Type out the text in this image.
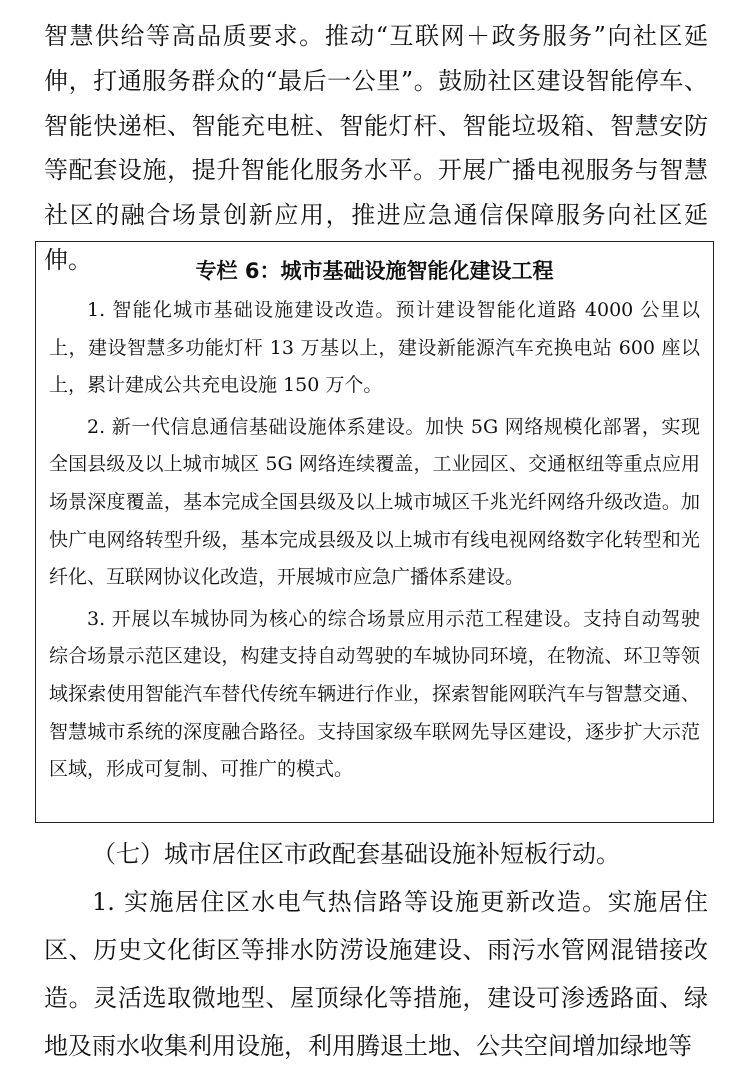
智慧供给等高品质要求。推动“互联网＋政务服务”向社区延伸，打通服务群众的“最后一公里”。鼓励社区建设智能停车、智能快递柜、智能充电桩、智能灯杆、智能垃圾箱、智慧安防等配套设施，提升智能化服务水平。开展广播电视服务与智慧社区的融合场景创新应用，推进应急通信保障服务向社区延伸。	专栏 6：城市基础设施智能化建设工程

1. 智能化城市基础设施建设改造。预计建设智能化道路 4000 公里以上，建设智慧多功能灯杆 13 万基以上，建设新能源汽车充换电站 600 座以上，累计建成公共充电设施 150 万个。

2. 新一代信息通信基础设施体系建设。加快 5G 网络规模化部署，实现全国县级及以上城市城区 5G 网络连续覆盖，工业园区、交通枢纽等重点应用场景深度覆盖，基本完成全国县级及以上城市城区千兆光纤网络升级改造。加快广电网络转型升级，基本完成县级及以上城市有线电视网络数字化转型和光纤化、互联网协议化改造，开展城市应急广播体系建设。

3. 开展以车城协同为核心的综合场景应用示范工程建设。支持自动驾驶综合场景示范区建设，构建支持自动驾驶的车城协同环境，在物流、环卫等领域探索使用智能汽车替代传统车辆进行作业，探索智能网联汽车与智慧交通、智慧城市系统的深度融合路径。支持国家级车联网先导区建设，逐步扩大示范区域，形成可复制、可推广的模式。

（七）城市居住区市政配套基础设施补短板行动。

1. 实施居住区水电气热信路等设施更新改造。实施居住区、历史文化街区等排水防涝设施建设、雨污水管网混错接改造。灵活选取微地型、屋顶绿化等措施，建设可渗透路面、绿地及雨水收集利用设施，利用腾退土地、公共空间增加绿地等
